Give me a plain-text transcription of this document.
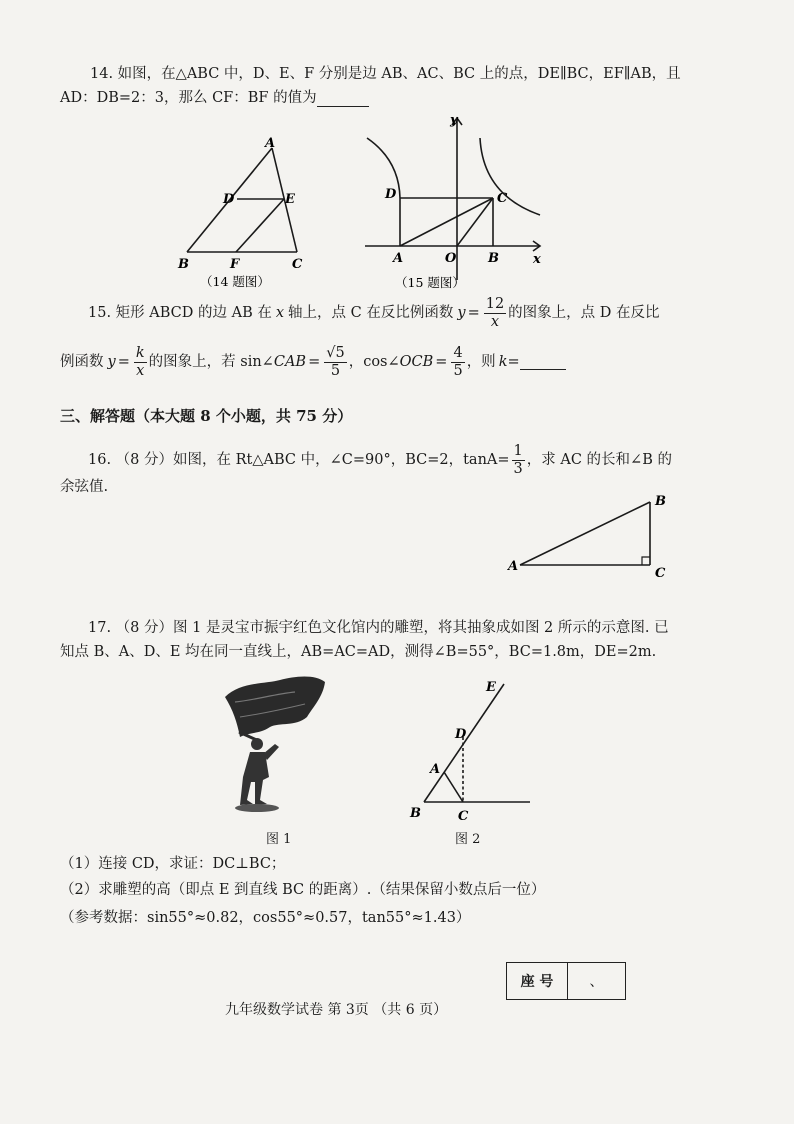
14. 如图，在△ABC 中，D、E、F 分别是边 AB、AC、BC 上的点，DE∥BC，EF∥AB，且
AD：DB=2：3，那么 CF：BF 的值为
A
D	E
B	F	C
（14 题图）
y
x
O
A	B
C
D
（15 题图）
15. 矩形 ABCD 的边 AB 在 x 轴上，点 C 在反比例函数 $y = \frac{12}{x}$ 的图象上，点 D 在反比
例函数 $y = \frac{k}{x}$ 的图象上，若 sin∠ CAB = $\frac{√5}{5}$ ，cos∠ OCB = $\frac{4}{5}$ ，则 k =

三、解答题（本大题 8 个小题，共 75 分）
16. （8 分）如图，在 Rt△ABC 中，∠C=90°，BC=2，$\tan A= \frac{1}{3}$ ，求 AC 的长和∠B 的
余弦值.
A
B
C
17. （8 分）图 1 是灵宝市振宇红色文化馆内的雕塑，将其抽象成如图 2 所示的示意图. 已
知点 B、A、D、E 均在同一直线上，AB=AC=AD，测得∠B=55°，BC=1.8m，DE=2m.
图 1
E
D
A
B	C
图 2
（1）连接 CD，求证：DC⊥BC；
（2）求雕塑的高（即点 E 到直线 BC 的距离）.（结果保留小数点后一位）
（参考数据：sin55°≈0.82，cos55°≈0.57，tan55°≈1.43）
座 号	、
九年级数学试卷 第 3页 （共 6 页）
